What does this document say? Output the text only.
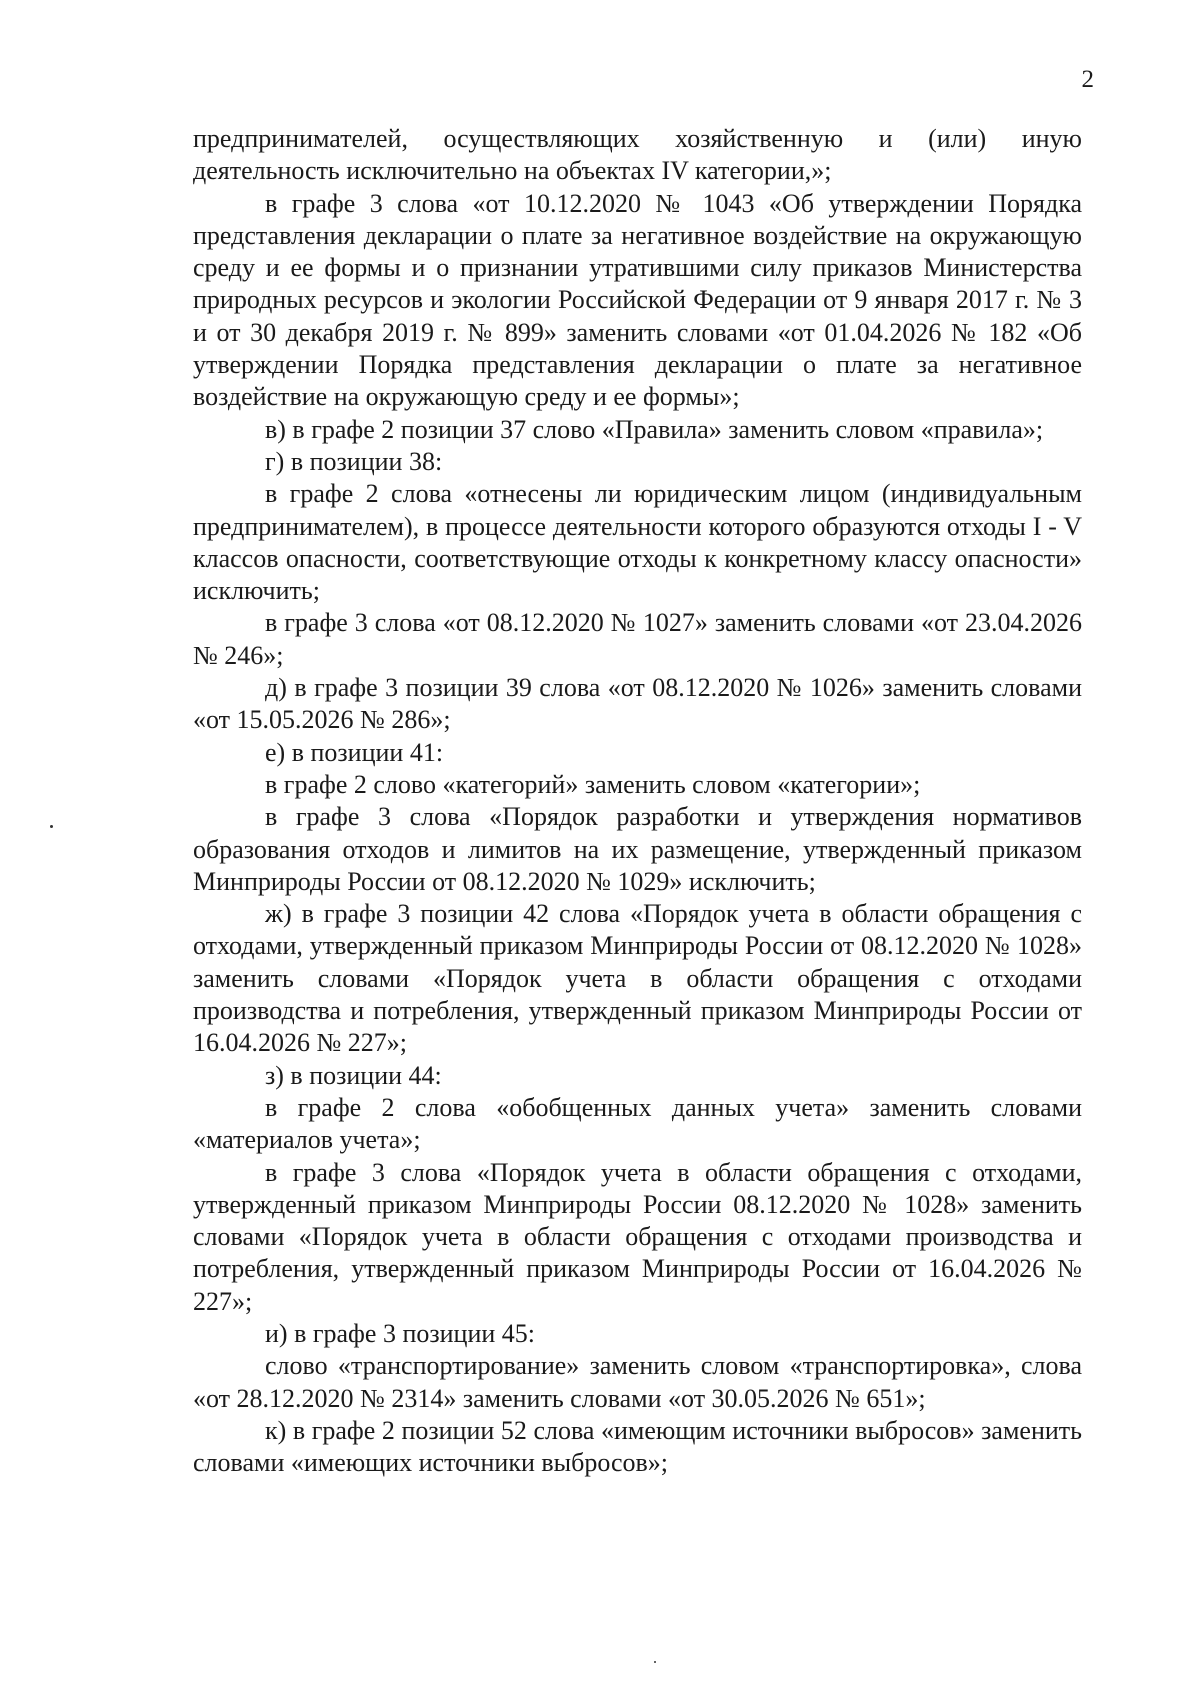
2

предпринимателей, осуществляющих хозяйственную и (или) иную деятельность исключительно на объектах IV категории,»;

в графе 3 слова «от 10.12.2020 № 1043 «Об утверждении Порядка представления декларации о плате за негативное воздействие на окружающую среду и ее формы и о признании утратившими силу приказов Министерства природных ресурсов и экологии Российской Федерации от 9 января 2017 г. № 3 и от 30 декабря 2019 г. № 899» заменить словами «от 01.04.2026 № 182 «Об утверждении Порядка представления декларации о плате за негативное воздействие на окружающую среду и ее формы»;

в) в графе 2 позиции 37 слово «Правила» заменить словом «правила»;

г) в позиции 38:

в графе 2 слова «отнесены ли юридическим лицом (индивидуальным предпринимателем), в процессе деятельности которого образуются отходы I - V классов опасности, соответствующие отходы к конкретному классу опасности» исключить;

в графе 3 слова «от 08.12.2020 № 1027» заменить словами «от 23.04.2026 № 246»;

д) в графе 3 позиции 39 слова «от 08.12.2020 № 1026» заменить словами «от 15.05.2026 № 286»;

е) в позиции 41:

в графе 2 слово «категорий» заменить словом «категории»;

в графе 3 слова «Порядок разработки и утверждения нормативов образования отходов и лимитов на их размещение, утвержденный приказом Минприроды России от 08.12.2020 № 1029» исключить;

ж) в графе 3 позиции 42 слова «Порядок учета в области обращения с отходами, утвержденный приказом Минприроды России от 08.12.2020 № 1028» заменить словами «Порядок учета в области обращения с отходами производства и потребления, утвержденный приказом Минприроды России от 16.04.2026 № 227»;

з) в позиции 44:

в графе 2 слова «обобщенных данных учета» заменить словами «материалов учета»;

в графе 3 слова «Порядок учета в области обращения с отходами, утвержденный приказом Минприроды России 08.12.2020 № 1028» заменить словами «Порядок учета в области обращения с отходами производства и потребления, утвержденный приказом Минприроды России от 16.04.2026 № 227»;

и) в графе 3 позиции 45:

слово «транспортирование» заменить словом «транспортировка», слова «от 28.12.2020 № 2314» заменить словами «от 30.05.2026 № 651»;

к) в графе 2 позиции 52 слова «имеющим источники выбросов» заменить словами «имеющих источники выбросов»;
